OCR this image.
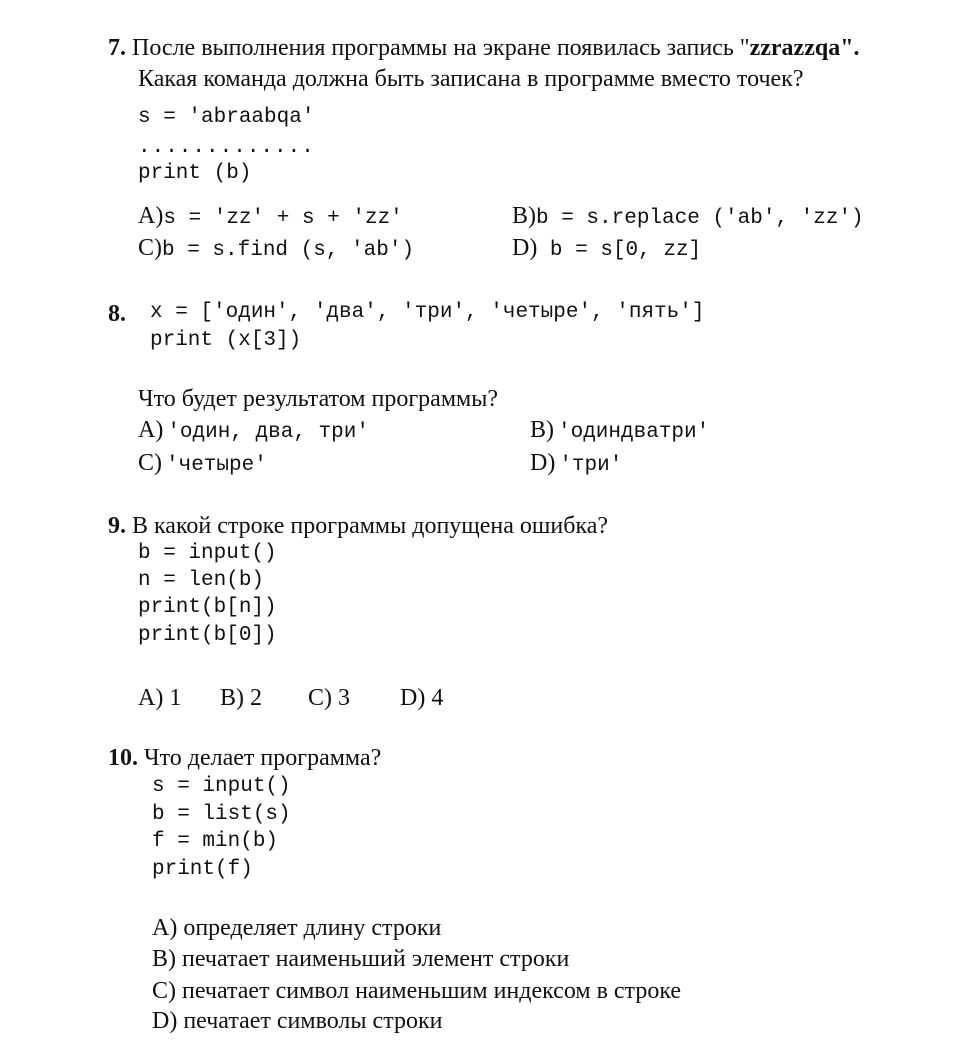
7. После выполнения программы на экране появилась запись "zzrazzqa".
Какая команда должна быть записана в программе вместо точек?
s = 'abraabqa'
.............
print (b)
A)s = 'zz' + s + 'zz'	B)b = s.replace ('ab', 'zz')
C)b = s.find (s, 'ab')	D) b = s[0, zz]
8. x = ['один', 'два', 'три', 'четыре', 'пять']
print (x[3])
Что будет результатом программы?
A) 'один, два, три'	B) 'одиндватри'
C) 'четыре'	D) 'три'
9. В какой строке программы допущена ошибка?
b = input()
n = len(b)
print(b[n])
print(b[0])
A) 1 B) 2 C) 3 D) 4
10. Что делает программа?
s = input()
b = list(s)
f = min(b)
print(f)
A) определяет длину строки
B) печатает наименьший элемент строки
C) печатает символ наименьшим индексом в строке
D) печатает символы строки
